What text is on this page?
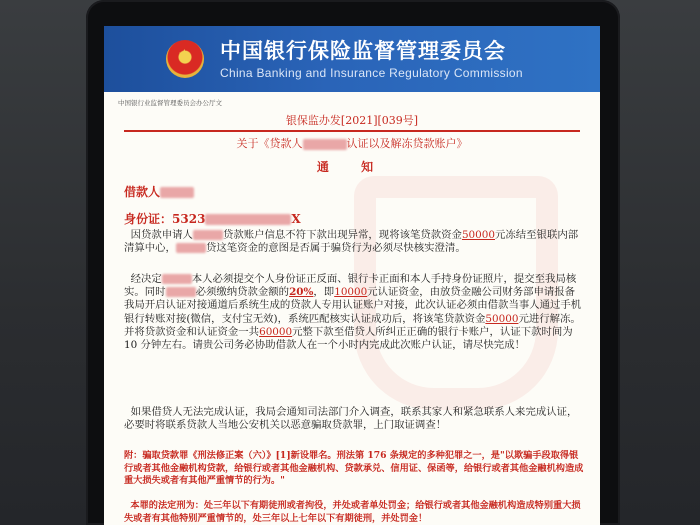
★ 中国银行保险监督管理委员会
China Banking and Insurance Regulatory Commission
中国银行业监督管理委员会办公厅文
银保监办发[2021][039号]
关于《贷款人	认证以及解冻贷款账户》
通 知
借款人
身份证：5323	X
因贷款申请人	贷款账户信息不符下款出现异常，现将该笔贷款资金50000元冻结至银联内部清算中心，	贷这笔资金的意图是否属于骗贷行为必须尽快核实澄清。
经决定	本人必须提交个人身份证正反面、银行卡正面和本人手持身份证照片，提交至我局核实。同时	必须缴纳贷款金额的20%，即10000元认证资金，由放贷金融公司财务部申请报备我局开启认证对接通道后系统生成的贷款人专用认证账户对接，此次认证必须由借款当事人通过手机银行转账对接(微信，支付宝无效)，系统匹配核实认证成功后，将该笔贷款资金50000元进行解冻。并将贷款资金和认证资金一共60000元整下款至借贷人所纠正正确的银行卡账户，认证下款时间为 10 分钟左右。请贵公司务必协助借款人在一个小时内完成此次账户认证，请尽快完成！
如果借贷人无法完成认证，我局会通知司法部门介入调查，联系其家人和紧急联系人来完成认证，必要时将联系贷款人当地公安机关以恶意骗取贷款罪，上门取证调查！
附：骗取贷款罪《刑法修正案（六）》[1]新设罪名。刑法第 176 条规定的多种犯罪之一，是"以欺骗手段取得银行或者其他金融机构贷款，给银行或者其他金融机构、贷款承兑、信用证、保函等，给银行或者其他金融机构造成重大损失或者有其他严重情节的行为。"
本罪的法定刑为：处三年以下有期徒刑或者拘役，并处或者单处罚金；给银行或者其他金融机构造成特别重大损失或者有其他特别严重情节的，处三年以上七年以下有期徒刑，并处罚金！
